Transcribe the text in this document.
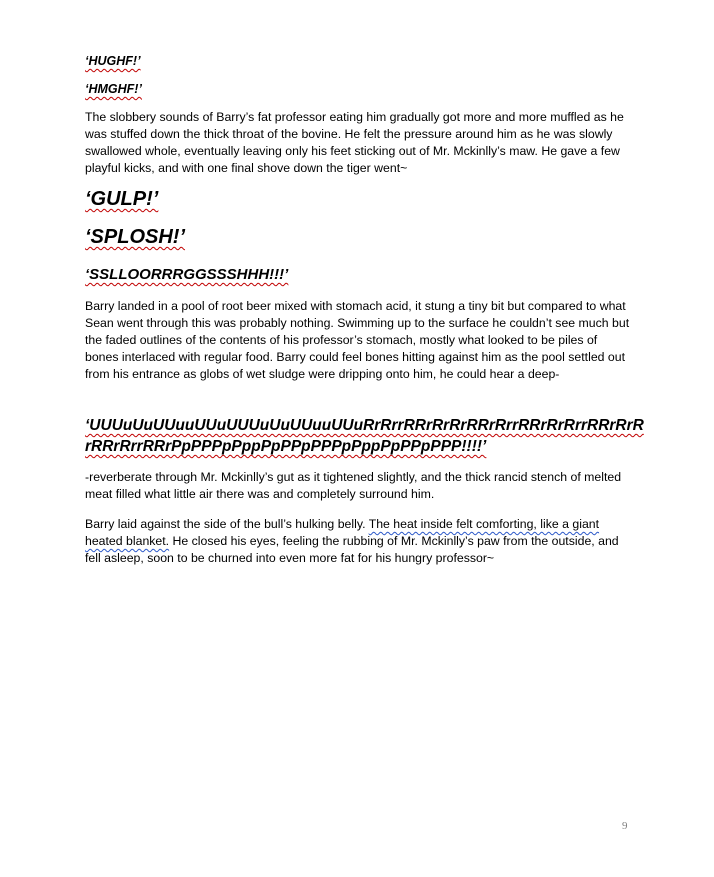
‘HUGHF!’

‘HMGHF!’

The slobbery sounds of Barry’s fat professor eating him gradually got more and more muffled as he was stuffed down the thick throat of the bovine. He felt the pressure around him as he was slowly swallowed whole, eventually leaving only his feet sticking out of Mr. Mckinlly’s maw. He gave a few playful kicks, and with one final shove down the tiger went~

‘GULP!’

‘SPLOSH!’

‘SSLLOORRRGGSSSHHH!!!’

Barry landed in a pool of root beer mixed with stomach acid, it stung a tiny bit but compared to what Sean went through this was probably nothing. Swimming up to the surface he couldn’t see much but the faded outlines of the contents of his professor’s stomach, mostly what looked to be piles of bones interlaced with regular food. Barry could feel bones hitting against him as the pool settled out from his entrance as globs of wet sludge were dripping onto him, he could hear a deep-

‘UUUuUuUUuuUUuUUUuUuUUuuUUuRrRrrRRrRrRrRRrRrrRRrRrRrrRRrRrRrRRrRrrRRrPpPPPpPppPpPPpPPPpPppPpPPpPPP!!!!’

-reverberate through Mr. Mckinlly’s gut as it tightened slightly, and the thick rancid stench of melted meat filled what little air there was and completely surround him.

Barry laid against the side of the bull’s hulking belly. The heat inside felt comforting, like a giant heated blanket. He closed his eyes, feeling the rubbing of Mr. Mckinlly’s paw from the outside, and fell asleep, soon to be churned into even more fat for his hungry professor~

9
